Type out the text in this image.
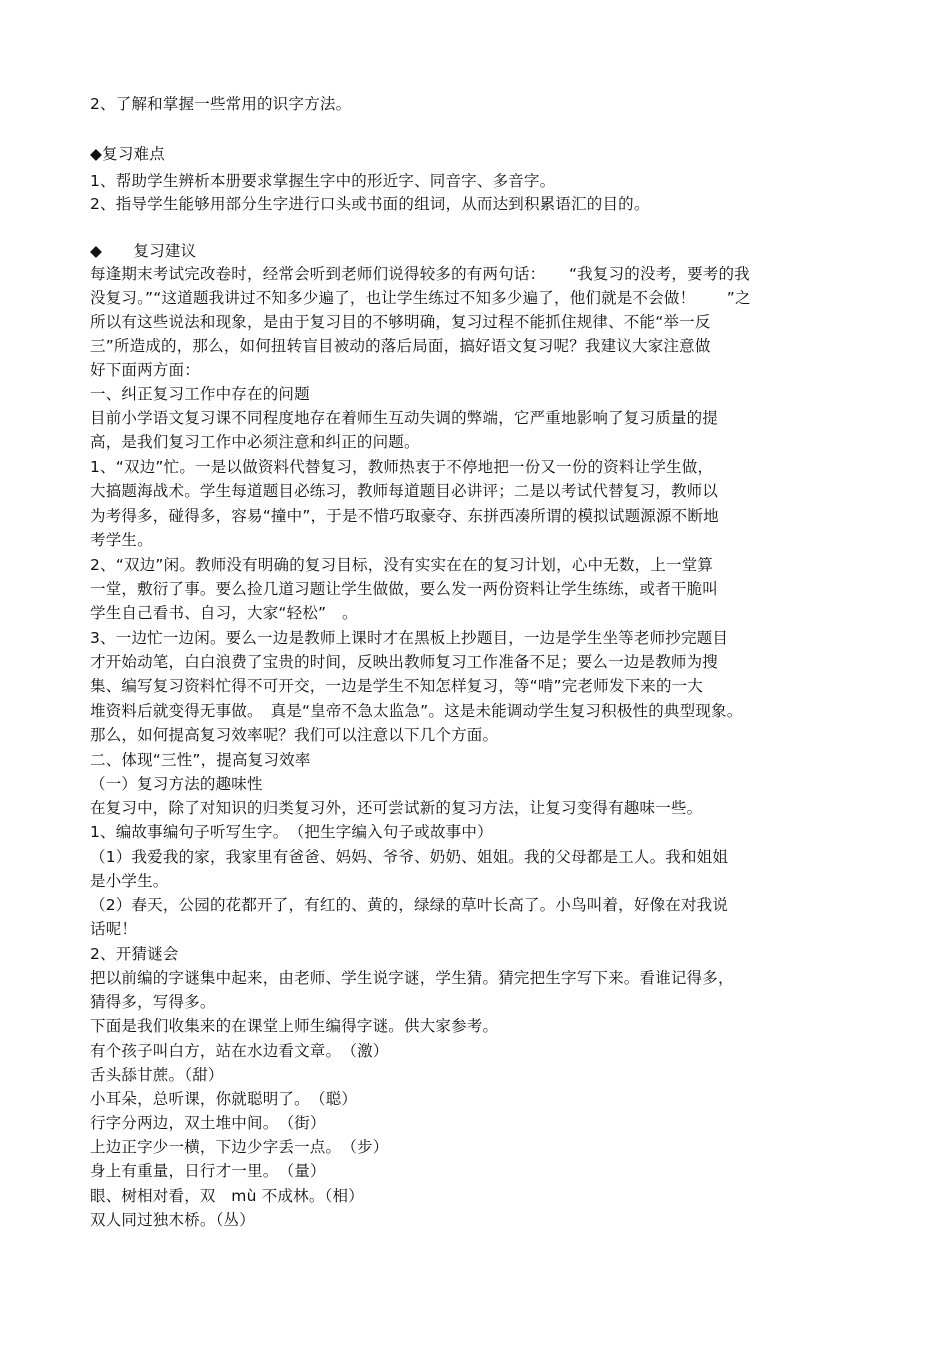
2、了解和掌握一些常用的识字方法。
◆复习难点
1、帮助学生辨析本册要求掌握生字中的形近字、同音字、多音字。
2、指导学生能够用部分生字进行口头或书面的组词，从而达到积累语汇的目的。
◆　　复习建议
每逢期末考试完改卷时，经常会听到老师们说得较多的有两句话：　　“我复习的没考，要考的我
没复习。”“这道题我讲过不知多少遍了，也让学生练过不知多少遍了，他们就是不会做！　　”之
所以有这些说法和现象，是由于复习目的不够明确，复习过程不能抓住规律、不能“举一反
三”所造成的，那么，如何扭转盲目被动的落后局面，搞好语文复习呢？我建议大家注意做
好下面两方面：
一、纠正复习工作中存在的问题
目前小学语文复习课不同程度地存在着师生互动失调的弊端，它严重地影响了复习质量的提
高，是我们复习工作中必须注意和纠正的问题。
1、“双边”忙。一是以做资料代替复习，教师热衷于不停地把一份又一份的资料让学生做，
大搞题海战术。学生每道题目必练习，教师每道题目必讲评；二是以考试代替复习，教师以
为考得多，碰得多，容易“撞中”，于是不惜巧取豪夺、东拼西凑所谓的模拟试题源源不断地
考学生。
2、“双边”闲。教师没有明确的复习目标，没有实实在在的复习计划，心中无数，上一堂算
一堂，敷衍了事。要么捡几道习题让学生做做，要么发一两份资料让学生练练，或者干脆叫
学生自己看书、自习，大家“轻松”　。
3、一边忙一边闲。要么一边是教师上课时才在黑板上抄题目，一边是学生坐等老师抄完题目
才开始动笔，白白浪费了宝贵的时间，反映出教师复习工作准备不足；要么一边是教师为搜
集、编写复习资料忙得不可开交，一边是学生不知怎样复习，等“啃”完老师发下来的一大
堆资料后就变得无事做。　真是“皇帝不急太监急”。这是未能调动学生复习积极性的典型现象。
那么，如何提高复习效率呢？我们可以注意以下几个方面。
二、体现“三性”，提高复习效率
（一）复习方法的趣味性
在复习中，除了对知识的归类复习外，还可尝试新的复习方法，让复习变得有趣味一些。
1、编故事编句子听写生字。　（把生字编入句子或故事中）
（1）我爱我的家，我家里有爸爸、妈妈、爷爷、奶奶、姐姐。我的父母都是工人。我和姐姐
是小学生。
（2）春天，公园的花都开了，有红的、黄的，绿绿的草叶长高了。小鸟叫着，好像在对我说
话呢！
2、开猜谜会
把以前编的字谜集中起来，由老师、学生说字谜，学生猜。猜完把生字写下来。看谁记得多，
猜得多，写得多。
下面是我们收集来的在课堂上师生编得字谜。供大家参考。
有个孩子叫白方，站在水边看文章。　（激）
舌头舔甘蔗。（甜）
小耳朵，总听课，你就聪明了。　（聪）
行字分两边，双土堆中间。　（街）
上边正字少一横，下边少字丢一点。　（步）
身上有重量，日行才一里。　（量）
眼、树相对看，双　mù 不成林。（相）
双人同过独木桥。（丛）
